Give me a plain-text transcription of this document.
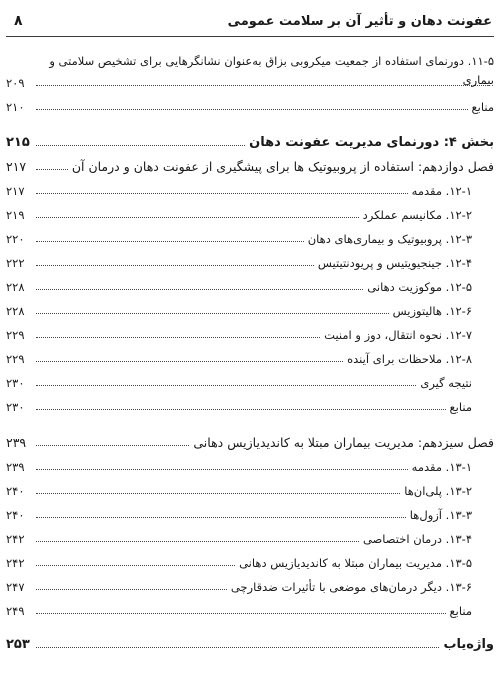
عفونت دهان و تأثیر آن بر سلامت عمومی
۸
۱۱-۵. دورنمای استفاده از جمعیت میکروبی بزاق به‌عنوان نشانگرهایی برای تشخیص سلامتی و بیماری
۲۰۹
منابع
۲۱۰
بخش ۴: دورنمای مدیریت عفونت دهان
۲۱۵
فصل دوازدهم: استفاده از پروبیوتیک ها برای پیشگیری از عفونت دهان و درمان آن
۲۱۷
۱۲-۱. مقدمه
۲۱۷
۱۲-۲. مکانیسم عملکرد
۲۱۹
۱۲-۳. پروبیوتیک و بیماری‌های دهان
۲۲۰
۱۲-۴. جینجیویتیس و پریودنتیتیس
۲۲۲
۱۲-۵. موکوزیت دهانی
۲۲۸
۱۲-۶. هالیتوزیس
۲۲۸
۱۲-۷. نحوه انتقال، دوز و امنیت
۲۲۹
۱۲-۸. ملاحظات برای آینده
۲۲۹
نتیجه گیری
۲۳۰
منابع
۲۳۰
فصل سیزدهم: مدیریت بیماران مبتلا به کاندیدیازیس دهانی
۲۳۹
۱۳-۱. مقدمه
۲۳۹
۱۳-۲. پلی‌ان‌ها
۲۴۰
۱۳-۳. آزول‌ها
۲۴۰
۱۳-۴. درمان اختصاصی
۲۴۲
۱۳-۵. مدیریت بیماران مبتلا به کاندیدیازیس دهانی
۲۴۲
۱۳-۶. دیگر درمان‌های موضعی با تأثیرات ضدقارچی
۲۴۷
منابع
۲۴۹
واژه‌یاب
۲۵۳
